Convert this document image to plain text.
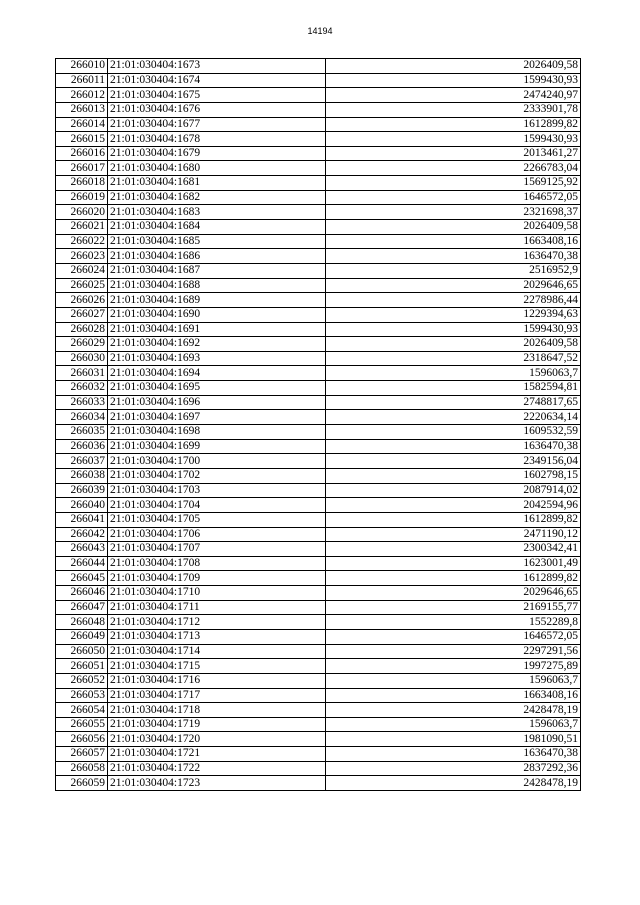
14194
266010	21:01:030404:1673	2026409,58
266011	21:01:030404:1674	1599430,93
266012	21:01:030404:1675	2474240,97
266013	21:01:030404:1676	2333901,78
266014	21:01:030404:1677	1612899,82
266015	21:01:030404:1678	1599430,93
266016	21:01:030404:1679	2013461,27
266017	21:01:030404:1680	2266783,04
266018	21:01:030404:1681	1569125,92
266019	21:01:030404:1682	1646572,05
266020	21:01:030404:1683	2321698,37
266021	21:01:030404:1684	2026409,58
266022	21:01:030404:1685	1663408,16
266023	21:01:030404:1686	1636470,38
266024	21:01:030404:1687	2516952,9
266025	21:01:030404:1688	2029646,65
266026	21:01:030404:1689	2278986,44
266027	21:01:030404:1690	1229394,63
266028	21:01:030404:1691	1599430,93
266029	21:01:030404:1692	2026409,58
266030	21:01:030404:1693	2318647,52
266031	21:01:030404:1694	1596063,7
266032	21:01:030404:1695	1582594,81
266033	21:01:030404:1696	2748817,65
266034	21:01:030404:1697	2220634,14
266035	21:01:030404:1698	1609532,59
266036	21:01:030404:1699	1636470,38
266037	21:01:030404:1700	2349156,04
266038	21:01:030404:1702	1602798,15
266039	21:01:030404:1703	2087914,02
266040	21:01:030404:1704	2042594,96
266041	21:01:030404:1705	1612899,82
266042	21:01:030404:1706	2471190,12
266043	21:01:030404:1707	2300342,41
266044	21:01:030404:1708	1623001,49
266045	21:01:030404:1709	1612899,82
266046	21:01:030404:1710	2029646,65
266047	21:01:030404:1711	2169155,77
266048	21:01:030404:1712	1552289,8
266049	21:01:030404:1713	1646572,05
266050	21:01:030404:1714	2297291,56
266051	21:01:030404:1715	1997275,89
266052	21:01:030404:1716	1596063,7
266053	21:01:030404:1717	1663408,16
266054	21:01:030404:1718	2428478,19
266055	21:01:030404:1719	1596063,7
266056	21:01:030404:1720	1981090,51
266057	21:01:030404:1721	1636470,38
266058	21:01:030404:1722	2837292,36
266059	21:01:030404:1723	2428478,19
